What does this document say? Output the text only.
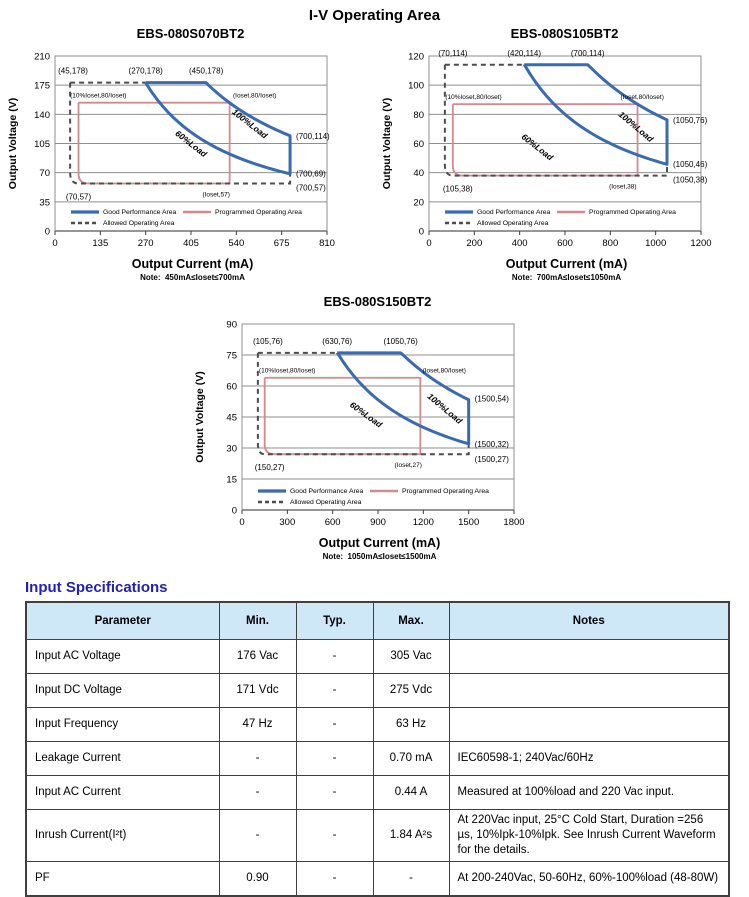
I-V Operating Area
EBS-080S070BT2
0
35
70
105
140
175
210
0	135	270	405	540	675	810
Output Voltage (V)
(45,178)	(270,178)	(450,178)
(700,114)
(700,69)
(700,57)
(70,57)	(Ioset,57)
(10%Ioset,80/Ioset)	(Ioset,80/Ioset)
60%Load
100%Load
Good Performance Area	Programmed Operating Area
Allowed Operating Area
Output Current (mA)
Note:  450mA≤Ioset≤700mA
EBS-080S105BT2
0
20
40
60
80
100
120
0	200	400	600	800	1000	1200
Output Voltage (V)
(70,114)	(420,114)	(700,114)
(1050,76)
(1050,46)
(1050,38)
(105,38)	(Ioset,38)
(10%Ioset,80/Ioset)	(Ioset,80/Ioset)
60%Load
100%Load
Good Performance Area	Programmed Operating Area
Allowed Operating Area
Output Current (mA)
Note:  700mA≤Ioset≤1050mA
EBS-080S150BT2
0
15
30
45
60
75
90
0	300	600	900	1200	1500	1800
Output Voltage (V)
(105,76)	(630,76)	(1050,76)
(1500,54)
(1500,32)
(1500,27)
(150,27)	(Ioset,27)
(10%Ioset,80/Ioset)	(Ioset,80/Ioset)
60%Load	100%Load
Good Performance Area	Programmed Operating Area
Allowed Operating Area
Output Current (mA)
Note:  1050mA≤Ioset≤1500mA
Input Specifications
Parameter	Min.	Typ.	Max.	Notes
Input AC Voltage	176 Vac	-	305 Vac	
Input DC Voltage	171 Vdc	-	275 Vdc	
Input Frequency	47 Hz	-	63 Hz	
Leakage Current	-	-	0.70 mA	IEC60598-1; 240Vac/60Hz
Input AC Current	-	-	0.44 A	Measured at 100%load and 220 Vac input.
Inrush Current(I²t)	-	-	1.84 A²s	At 220Vac input, 25°C Cold Start, Duration =256 µs, 10%Ipk-10%Ipk. See Inrush Current Waveform for the details.
PF	0.90	-	-	At 200-240Vac, 50-60Hz, 60%-100%load (48-80W)
